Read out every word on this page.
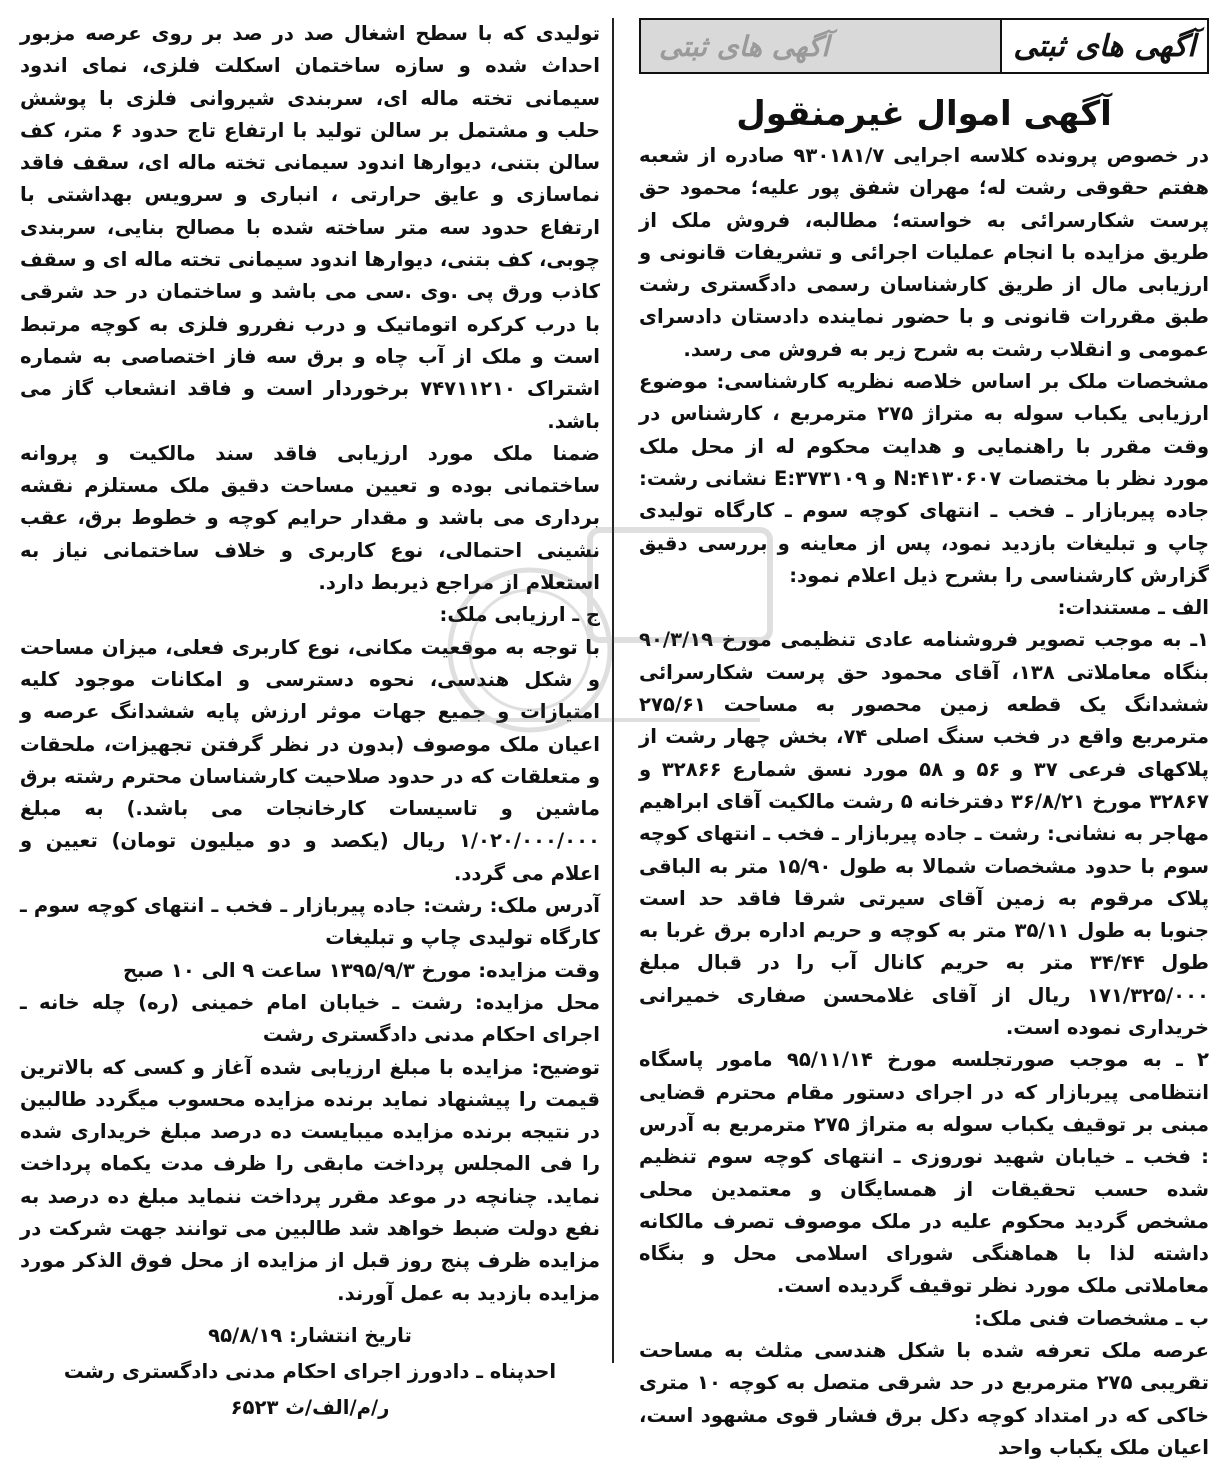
آگهی های ثبتی	آگهی های ثبتی
آگهی اموال غیرمنقول

در خصوص پرونده کلاسه اجرایی ۹۳۰۱۸۱/۷ صادره از شعبه هفتم حقوقی رشت له؛ مهران شفق پور علیه؛ محمود حق پرست شکارسرائی به خواسته؛ مطالبه، فروش ملک از طریق مزایده با انجام عملیات اجرائی و تشریفات قانونی و ارزیابی مال از طریق کارشناسان رسمی دادگستری رشت طبق مقررات قانونی و با حضور نماینده دادستان دادسرای عمومی و انقلاب رشت به شرح زیر به فروش می رسد.

مشخصات ملک بر اساس خلاصه نظریه کارشناسی: موضوع ارزیابی یکباب سوله به متراژ ۲۷۵ مترمربع ، کارشناس در وقت مقرر با راهنمایی و هدایت محکوم له از محل ملک مورد نظر با مختصات N:۴۱۳۰۶۰۷ و E:۳۷۳۱۰۹ نشانی رشت: جاده پیربازار ـ فخب ـ انتهای کوچه سوم ـ کارگاه تولیدی چاپ و تبلیغات بازدید نمود، پس از معاینه و بررسی دقیق گزارش کارشناسی را بشرح ذیل اعلام نمود:

الف ـ مستندات:

۱ـ به موجب تصویر فروشنامه عادی تنظیمی مورخ ۹۰/۳/۱۹ بنگاه معاملاتی ۱۳۸، آقای محمود حق پرست شکارسرائی ششدانگ یک قطعه زمین محصور به مساحت ۲۷۵/۶۱ مترمربع واقع در فخب سنگ اصلی ۷۴، بخش چهار رشت از پلاکهای فرعی ۳۷ و ۵۶ و ۵۸ مورد نسق شمارع ۳۲۸۶۶ و ۳۲۸۶۷ مورخ ۳۶/۸/۲۱ دفترخانه ۵ رشت مالکیت آقای ابراهیم مهاجر به نشانی: رشت ـ جاده پیربازار ـ فخب ـ انتهای کوچه سوم با حدود مشخصات شمالا به طول ۱۵/۹۰ متر به الباقی پلاک مرقوم به زمین آقای سیرتی شرقا فاقد حد است جنوبا به طول ۳۵/۱۱ متر به کوچه و حریم اداره برق غربا به طول ۳۴/۴۴ متر به حریم کانال آب را در قبال مبلغ ۱۷۱/۳۲۵/۰۰۰ ریال از آقای غلامحسن صفاری خمیرانی خریداری نموده است.

۲ ـ به موجب صورتجلسه مورخ ۹۵/۱۱/۱۴ مامور پاسگاه انتظامی پیربازار که در اجرای دستور مقام محترم قضایی مبنی بر توقیف یکباب سوله به متراژ ۲۷۵ مترمربع به آدرس : فخب ـ خیابان شهید نوروزی ـ انتهای کوچه سوم تنظیم شده حسب تحقیقات از همسایگان و معتمدین محلی مشخص گردید محکوم علیه در ملک موصوف تصرف مالکانه داشته لذا با هماهنگی شورای اسلامی محل و بنگاه معاملاتی ملک مورد نظر توقیف گردیده است.

ب ـ مشخصات فنی ملک:

عرصه ملک تعرفه شده با شکل هندسی مثلث به مساحت تقریبی ۲۷۵ مترمربع در حد شرقی متصل به کوچه ۱۰ متری خاکی که در امتداد کوچه دکل برق فشار قوی مشهود است، اعیان ملک یکباب واحد

تولیدی که با سطح اشغال صد در صد بر روی عرصه مزبور احداث شده و سازه ساختمان اسکلت فلزی، نمای اندود سیمانی تخته ماله ای، سربندی شیروانی فلزی با پوشش حلب و مشتمل بر سالن تولید با ارتفاع تاج حدود ۶ متر، کف سالن بتنی، دیوارها اندود سیمانی تخته ماله ای، سقف فاقد نماسازی و عایق حرارتی ، انباری و سرویس بهداشتی با ارتفاع حدود سه متر ساخته شده با مصالح بنایی، سربندی چوبی، کف بتنی، دیوارها اندود سیمانی تخته ماله ای و سقف کاذب ورق پی .وی .سی می باشد و ساختمان در حد شرقی با درب کرکره اتوماتیک و درب نفررو فلزی به کوچه مرتبط است و ملک از آب چاه و برق سه فاز اختصاصی به شماره اشتراک ۷۴۷۱۱۲۱۰ برخوردار است و فاقد انشعاب گاز می باشد.

ضمنا ملک مورد ارزیابی فاقد سند مالکیت و پروانه ساختمانی بوده و تعیین مساحت دقیق ملک مستلزم نقشه برداری می باشد و مقدار حرایم کوچه و خطوط برق، عقب نشینی احتمالی، نوع کاربری و خلاف ساختمانی نیاز به استعلام از مراجع ذیربط دارد.

ج ـ ارزیابی ملک:

با توجه به موقعیت مکانی، نوع کاربری فعلی، میزان مساحت و شکل هندسی، نحوه دسترسی و امکانات موجود کلیه امتیازات و جمیع جهات موثر ارزش پایه ششدانگ عرصه و اعیان ملک موصوف (بدون در نظر گرفتن تجهیزات، ملحقات و متعلقات که در حدود صلاحیت کارشناسان محترم رشته برق ماشین و تاسیسات کارخانجات می باشد.) به مبلغ ۱/۰۲۰/۰۰۰/۰۰۰ ریال (یکصد و دو میلیون تومان) تعیین و اعلام می گردد.

آدرس ملک: رشت: جاده پیربازار ـ فخب ـ انتهای کوچه سوم ـ کارگاه تولیدی چاپ و تبلیغات

وقت مزایده: مورخ ۱۳۹۵/۹/۳ ساعت ۹ الی ۱۰ صبح

محل مزایده: رشت ـ خیابان امام خمینی (ره) چله خانه ـ اجرای احکام مدنی دادگستری رشت

توضیح: مزایده با مبلغ ارزیابی شده آغاز و کسی که بالاترین قیمت را پیشنهاد نماید برنده مزایده محسوب میگردد طالبین در نتیجه برنده مزایده میبایست ده درصد مبلغ خریداری شده را فی المجلس پرداخت مابقی را ظرف مدت یکماه پرداخت نماید. چنانچه در موعد مقرر پرداخت ننماید مبلغ ده درصد به نفع دولت ضبط خواهد شد طالبین می توانند جهت شرکت در مزایده ظرف پنج روز قبل از مزایده از محل فوق الذکر مورد مزایده بازدید به عمل آورند.

تاریخ انتشار: ۹۵/۸/۱۹
احدپناه ـ دادورز اجرای احکام مدنی دادگستری رشت
ر/م/الف/ث ۶۵۲۳
